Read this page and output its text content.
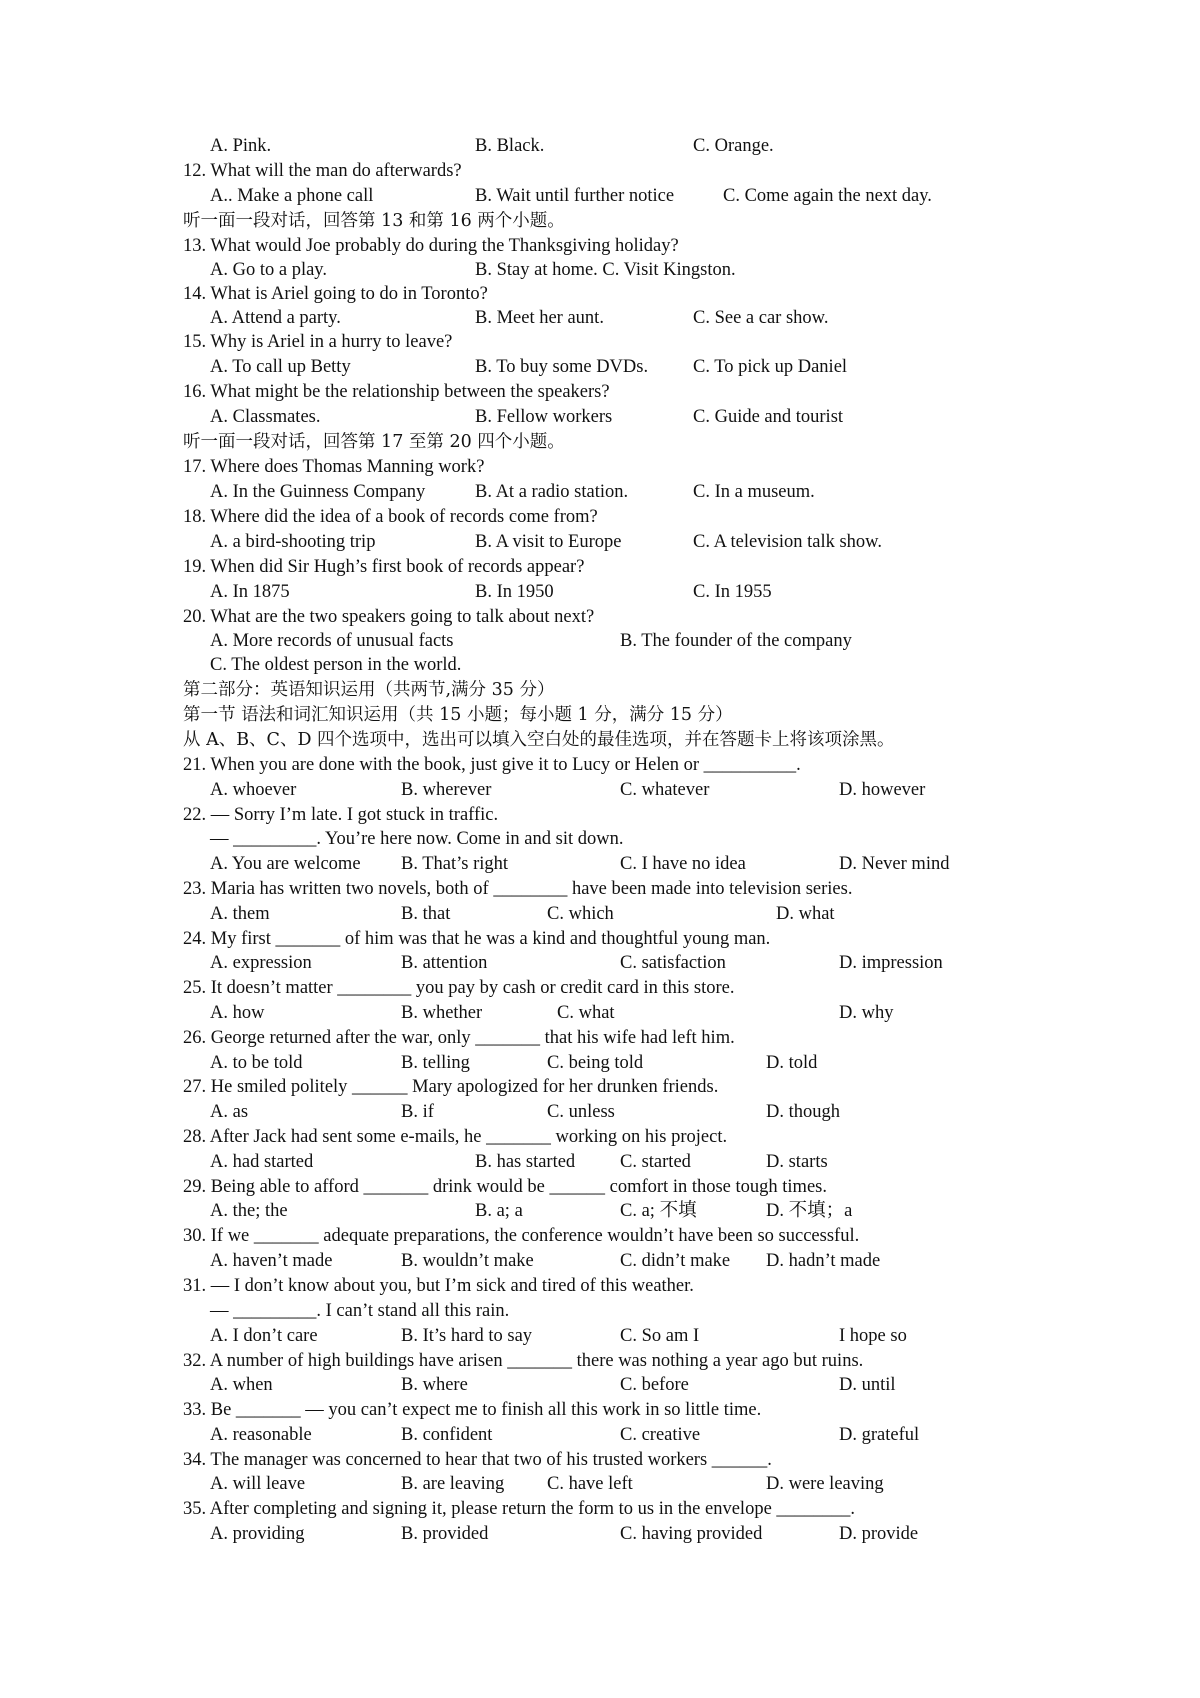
A. Pink.	B. Black.	C. Orange.
12. What will the man do afterwards?
A.. Make a phone call	B. Wait until further notice	C. Come again the next day.
听一面一段对话，回答第 13 和第 16 两个小题。
13. What would Joe probably do during the Thanksgiving holiday?
A. Go to a play.	B. Stay at home. C. Visit Kingston.
14. What is Ariel going to do in Toronto?
A. Attend a party.	B. Meet her aunt.	C. See a car show.
15. Why is Ariel in a hurry to leave?
A. To call up Betty	B. To buy some DVDs. C. To pick up Daniel
16. What might be the relationship between the speakers?
A. Classmates.	B. Fellow workers	C. Guide and tourist
听一面一段对话，回答第 17 至第 20 四个小题。
17. Where does Thomas Manning work?
A. In the Guinness Company	B. At a radio station.	C. In a museum.
18. Where did the idea of a book of records come from?
A. a bird-shooting trip	B. A visit to Europe	C. A television talk show.
19. When did Sir Hugh’s first book of records appear?
A. In 1875	B. In 1950	C. In 1955
20. What are the two speakers going to talk about next?
A. More records of unusual facts	B. The founder of the company
C. The oldest person in the world.
第二部分：英语知识运用（共两节,满分 35 分）
第一节 语法和词汇知识运用（共 15 小题；每小题 1 分，满分 15 分）
从 A、B、C、D 四个选项中，选出可以填入空白处的最佳选项，并在答题卡上将该项涂黑。
21. When you are done with the book, just give it to Lucy or Helen or __________.
A. whoever	B. wherever	C. whatever	D. however
22. — Sorry I’m late. I got stuck in traffic.
— _________. You’re here now. Come in and sit down.
A. You are welcome B. That’s right	C. I have no idea	D. Never mind
23. Maria has written two novels, both of ________ have been made into television series.
A. them	B. that	C. which	D. what
24. My first _______ of him was that he was a kind and thoughtful young man.
A. expression	B. attention	C. satisfaction	D. impression
25. It doesn’t matter ________ you pay by cash or credit card in this store.
A. how	B. whether	C. what	D. why
26. George returned after the war, only _______ that his wife had left him.
A. to be told	B. telling	C. being told	D. told
27. He smiled politely ______ Mary apologized for her drunken friends.
A. as	B. if	C. unless	D. though
28. After Jack had sent some e-mails, he _______ working on his project.
A. had started	B. has started C. started	D. starts
29. Being able to afford _______ drink would be ______ comfort in those tough times.
A. the; the	B. a; a	C. a; 不填	D. 不填；a
30. If we _______ adequate preparations, the conference wouldn’t have been so successful.
A. haven’t made	B. wouldn’t make	C. didn’t make D. hadn’t made
31. — I don’t know about you, but I’m sick and tired of this weather.
— _________. I can’t stand all this rain.
A. I don’t care	B. It’s hard to say	C. So am I	I hope so
32. A number of high buildings have arisen _______ there was nothing a year ago but ruins.
A. when	B. where	C. before	D. until
33. Be _______ — you can’t expect me to finish all this work in so little time.
A. reasonable	B. confident	C. creative	D. grateful
34. The manager was concerned to hear that two of his trusted workers ______.
A. will leave	B. are leaving C. have left	D. were leaving
35. After completing and signing it, please return the form to us in the envelope ________.
A. providing	B. provided	C. having provided	D. provide
